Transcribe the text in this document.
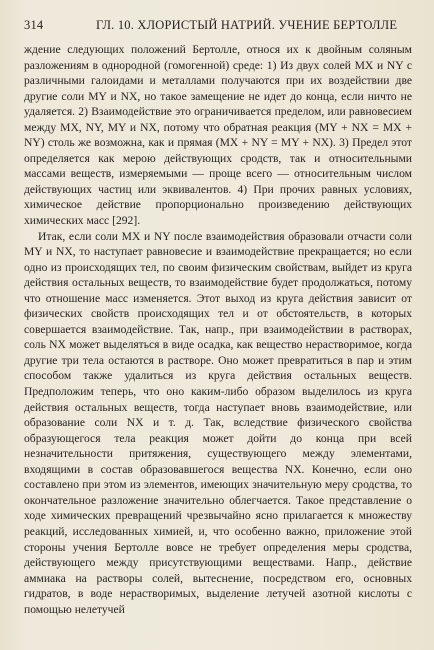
314	ГЛ. 10. ХЛОРИСТЫЙ НАТРИЙ. УЧЕНИЕ БЕРТОЛЛЕ

ждение следующих положений Бертолле, относя их к двойным соляным разложениям в однородной (гомогенной) среде: 1) Из двух солей MX и NY с различными галоидами и металлами получаются при их воздействии две другие соли MY и NX, но такое замещение не идет до конца, если ничто не удаляется. 2) Взаимодействие это ограничивается пределом, или равновесием между MX, NY, MY и NX, потому что обратная реакция (MY + NX = MX + NY) столь же возможна, как и прямая (MX + NY = MY + NX). 3) Предел этот определяется как мерою действующих сродств, так и относительными массами веществ, измеряемыми — проще всего — относительным числом действующих частиц или эквивалентов. 4) При прочих равных условиях, химическое действие пропорционально произведению действующих химических масс [292].

Итак, если соли MX и NY после взаимодействия образовали отчасти соли MY и NX, то наступает равновесие и взаимодействие прекращается; но если одно из происходящих тел, по своим физическим свойствам, выйдет из круга действия остальных веществ, то взаимодействие будет продолжаться, потому что отношение масс изменяется. Этот выход из круга действия зависит от физических свойств происходящих тел и от обстоятельств, в которых совершается взаимодействие. Так, напр., при взаимодействии в растворах, соль NX может выделяться в виде осадка, как вещество нерастворимое, когда другие три тела остаются в растворе. Оно может превратиться в пар и этим способом также удалиться из круга действия остальных веществ. Предположим теперь, что оно каким-либо образом выделилось из круга действия остальных веществ, тогда наступает вновь взаимодействие, или образование соли NX и т. д. Так, вследствие физического свойства образующегося тела реакция может дойти до конца при всей незначительности притяжения, существующего между элементами, входящими в состав образовавшегося вещества NX. Конечно, если оно составлено при этом из элементов, имеющих значительную меру сродства, то окончательное разложение значительно облегчается. Такое представление о ходе химических превращений чрезвычайно ясно прилагается к множеству реакций, исследованных химией, и, что особенно важно, приложение этой стороны учения Бертолле вовсе не требует определения меры сродства, действующего между присутствующими веществами. Напр., действие аммиака на растворы солей, вытеснение, посредством его, основных гидратов, в воде нерастворимых, выделение летучей азотной кислоты с помощью нелетучей
